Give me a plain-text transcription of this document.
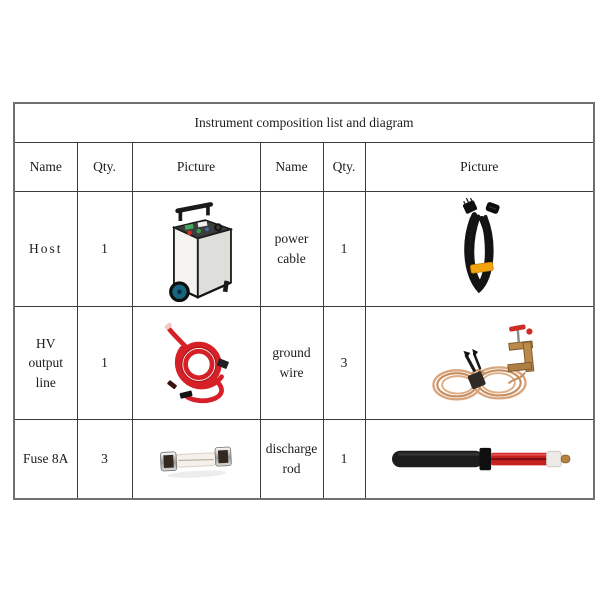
Instrument composition list and diagram					
Name	Qty.	Picture	Name	Qty.	Picture
Host	1		power cable	1	

HV output line	1		ground wire	3	

Fuse 8A	3		discharge rod	1	
